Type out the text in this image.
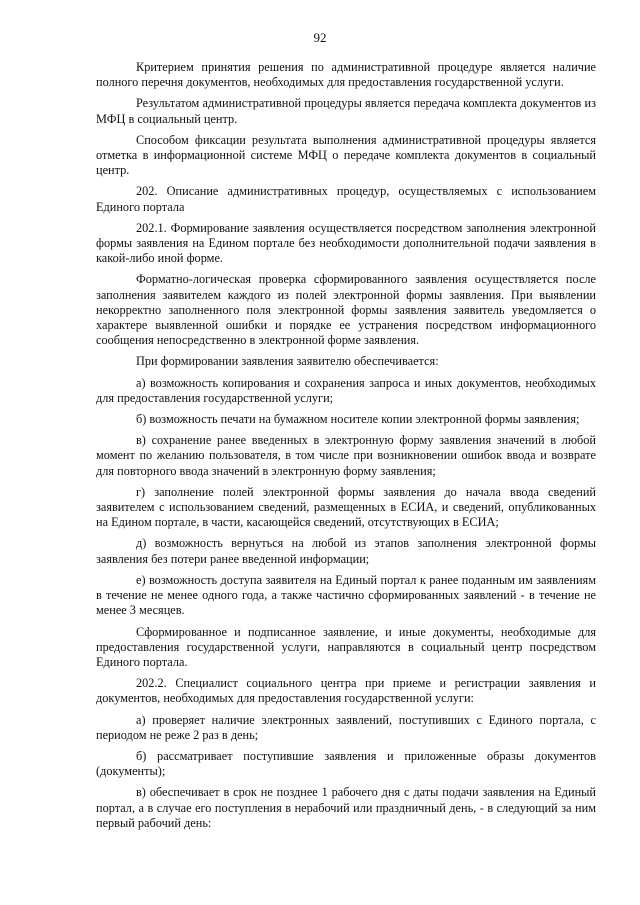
92

Критерием принятия решения по административной процедуре является наличие полного перечня документов, необходимых для предоставления государственной услуги.

Результатом административной процедуры является передача комплекта документов из МФЦ в социальный центр.

Способом фиксации результата выполнения административной процедуры является отметка в информационной системе МФЦ о передаче комплекта документов в социальный центр.

202. Описание административных процедур, осуществляемых с использованием Единого портала

202.1. Формирование заявления осуществляется посредством заполнения электронной формы заявления на Едином портале без необходимости дополнительной подачи заявления в какой-либо иной форме.

Форматно-логическая проверка сформированного заявления осуществляется после заполнения заявителем каждого из полей электронной формы заявления. При выявлении некорректно заполненного поля электронной формы заявления заявитель уведомляется о характере выявленной ошибки и порядке ее устранения посредством информационного сообщения непосредственно в электронной форме заявления.

При формировании заявления заявителю обеспечивается:

а) возможность копирования и сохранения запроса и иных документов, необходимых для предоставления государственной услуги;

б) возможность печати на бумажном носителе копии электронной формы заявления;

в) сохранение ранее введенных в электронную форму заявления значений в любой момент по желанию пользователя, в том числе при возникновении ошибок ввода и возврате для повторного ввода значений в электронную форму заявления;

г) заполнение полей электронной формы заявления до начала ввода сведений заявителем с использованием сведений, размещенных в ЕСИА, и сведений, опубликованных на Едином портале, в части, касающейся сведений, отсутствующих в ЕСИА;

д) возможность вернуться на любой из этапов заполнения электронной формы заявления без потери ранее введенной информации;

е) возможность доступа заявителя на Единый портал к ранее поданным им заявлениям в течение не менее одного года, а также частично сформированных заявлений - в течение не менее 3 месяцев.

Сформированное и подписанное заявление, и иные документы, необходимые для предоставления государственной услуги, направляются в социальный центр посредством Единого портала.

202.2. Специалист социального центра при приеме и регистрации заявления и документов, необходимых для предоставления государственной услуги:

а) проверяет наличие электронных заявлений, поступивших с Единого портала, с периодом не реже 2 раз в день;

б) рассматривает поступившие заявления и приложенные образы документов (документы);

в) обеспечивает в срок не позднее 1 рабочего дня с даты подачи заявления на Единый портал, а в случае его поступления в нерабочий или праздничный день, - в следующий за ним первый рабочий день:
